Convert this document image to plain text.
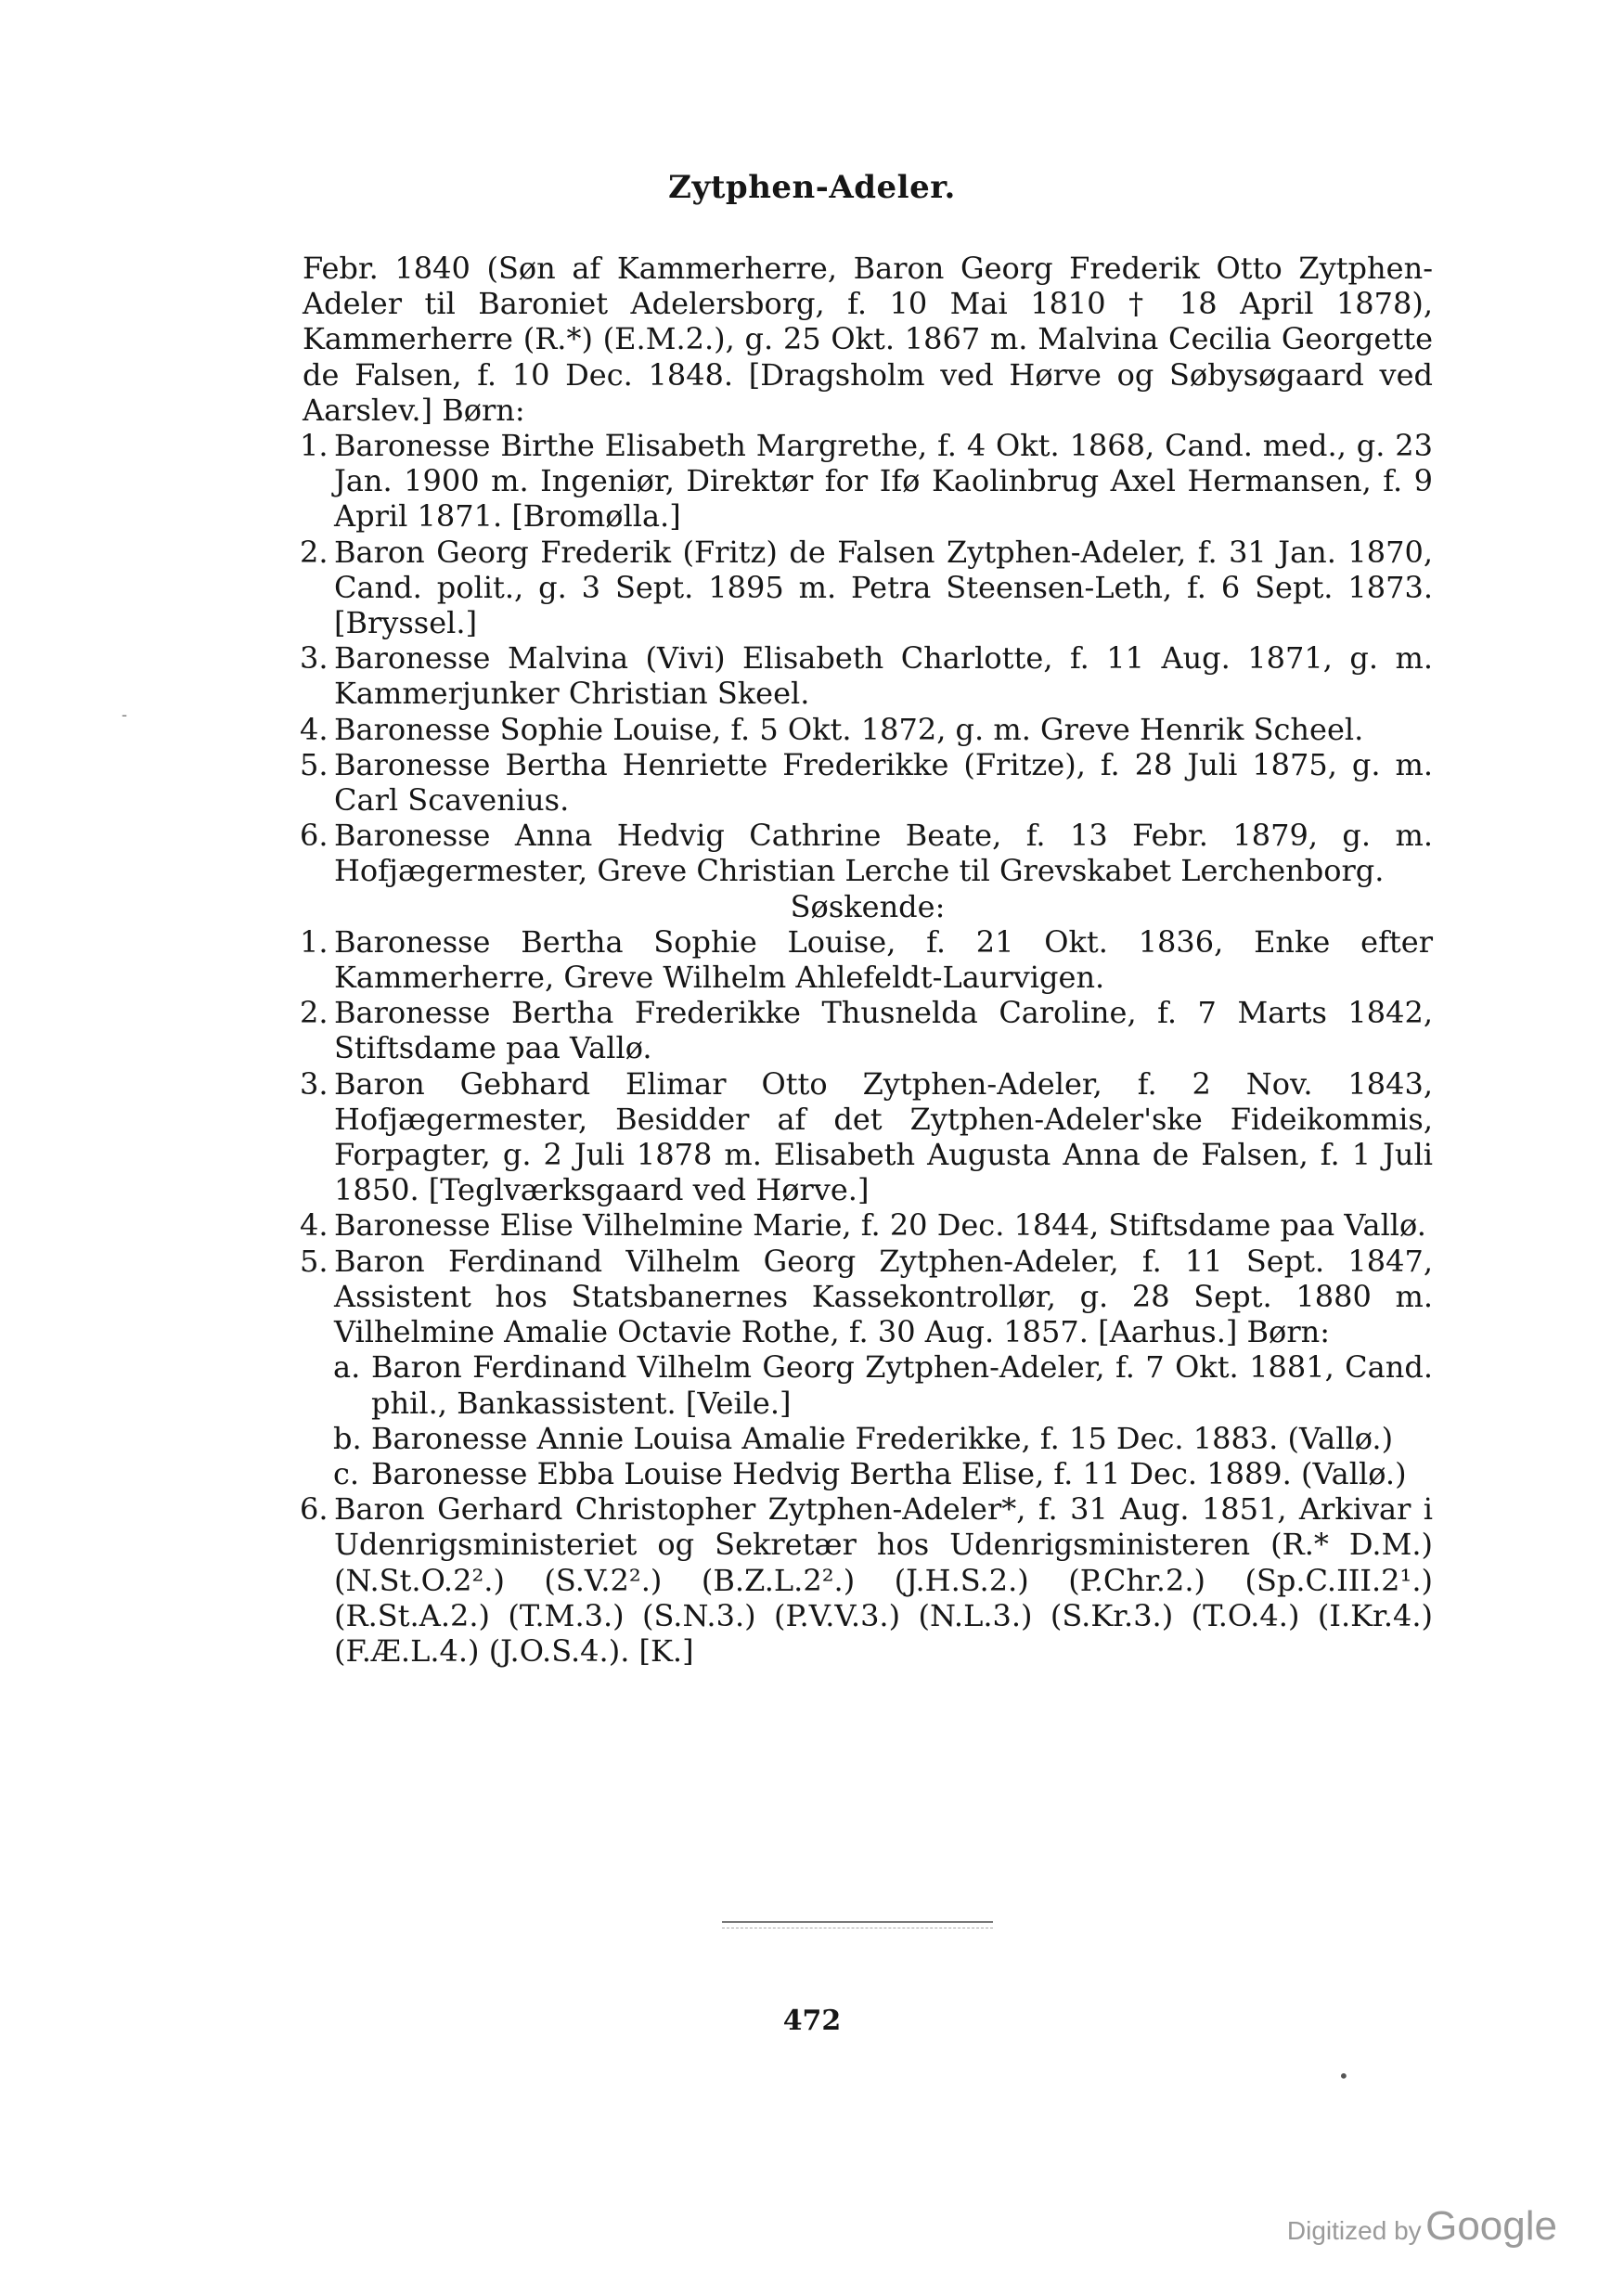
Zytphen-Adeler.

Febr. 1840 (Søn af Kammerherre, Baron Georg Frederik Otto Zytphen-Adeler til Baroniet Adelersborg, f. 10 Mai 1810 † 18 April 1878), Kammerherre (R.*) (E.M.2.), g. 25 Okt. 1867 m. Malvina Cecilia Georgette de Falsen, f. 10 Dec. 1848. [Dragsholm ved Hørve og Søbysøgaard ved Aarslev.] Børn:

1. Baronesse Birthe Elisabeth Margrethe, f. 4 Okt. 1868, Cand. med., g. 23 Jan. 1900 m. Ingeniør, Direktør for Ifø Kaolinbrug Axel Hermansen, f. 9 April 1871. [Bromølla.]

2. Baron Georg Frederik (Fritz) de Falsen Zytphen-Adeler, f. 31 Jan. 1870, Cand. polit., g. 3 Sept. 1895 m. Petra Steensen-Leth, f. 6 Sept. 1873. [Bryssel.]

3. Baronesse Malvina (Vivi) Elisabeth Charlotte, f. 11 Aug. 1871, g. m. Kammerjunker Christian Skeel.

4. Baronesse Sophie Louise, f. 5 Okt. 1872, g. m. Greve Henrik Scheel.

5. Baronesse Bertha Henriette Frederikke (Fritze), f. 28 Juli 1875, g. m. Carl Scavenius.

6. Baronesse Anna Hedvig Cathrine Beate, f. 13 Febr. 1879, g. m. Hofjægermester, Greve Christian Lerche til Grevskabet Lerchenborg.

Søskende:

1. Baronesse Bertha Sophie Louise, f. 21 Okt. 1836, Enke efter Kammerherre, Greve Wilhelm Ahlefeldt-Laurvigen.

2. Baronesse Bertha Frederikke Thusnelda Caroline, f. 7 Marts 1842, Stiftsdame paa Vallø.

3. Baron Gebhard Elimar Otto Zytphen-Adeler, f. 2 Nov. 1843, Hofjægermester, Besidder af det Zytphen-Adeler'ske Fideikommis, Forpagter, g. 2 Juli 1878 m. Elisabeth Augusta Anna de Falsen, f. 1 Juli 1850. [Teglværksgaard ved Hørve.]

4. Baronesse Elise Vilhelmine Marie, f. 20 Dec. 1844, Stiftsdame paa Vallø.

5. Baron Ferdinand Vilhelm Georg Zytphen-Adeler, f. 11 Sept. 1847, Assistent hos Statsbanernes Kassekontrollør, g. 28 Sept. 1880 m. Vilhelmine Amalie Octavie Rothe, f. 30 Aug. 1857. [Aarhus.] Børn:

a. Baron Ferdinand Vilhelm Georg Zytphen-Adeler, f. 7 Okt. 1881, Cand. phil., Bankassistent. [Veile.]

b. Baronesse Annie Louisa Amalie Frederikke, f. 15 Dec. 1883. (Vallø.)

c. Baronesse Ebba Louise Hedvig Bertha Elise, f. 11 Dec. 1889. (Vallø.)

6. Baron Gerhard Christopher Zytphen-Adeler*, f. 31 Aug. 1851, Arkivar i Udenrigsministeriet og Sekretær hos Udenrigsministeren (R.* D.M.) (N.St.O.2².) (S.V.2².) (B.Z.L.2².) (J.H.S.2.) (P.Chr.2.) (Sp.C.III.2¹.) (R.St.A.2.) (T.M.3.) (S.N.3.) (P.V.V.3.) (N.L.3.) (S.Kr.3.) (T.O.4.) (I.Kr.4.) (F.Æ.L.4.) (J.O.S.4.). [K.]

472
-
•
Digitized by Google
